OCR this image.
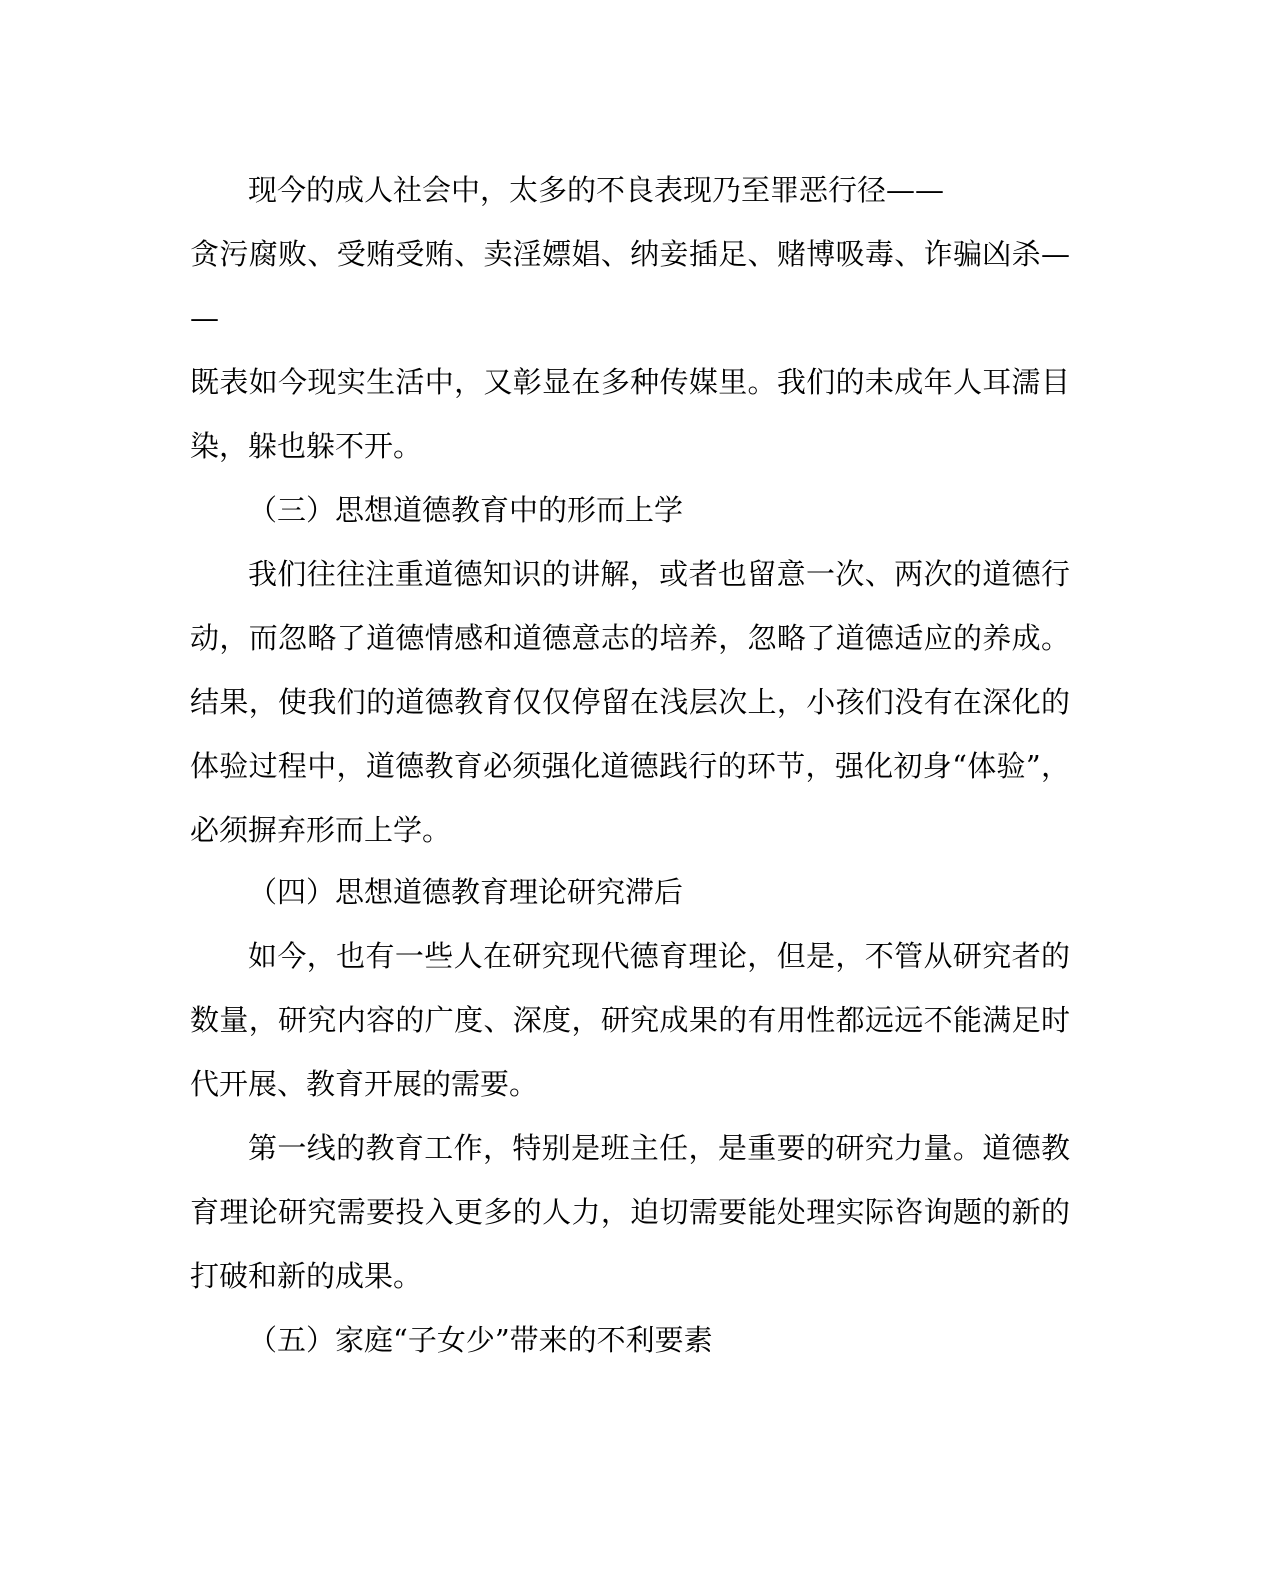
现今的成人社会中，太多的不良表现乃至罪恶行径——
贪污腐败、受贿受贿、卖淫嫖娼、纳妾插足、赌博吸毒、诈骗凶杀—
—
既表如今现实生活中，又彰显在多种传媒里。我们的未成年人耳濡目
染，躲也躲不开。
（三）思想道德教育中的形而上学
我们往往注重道德知识的讲解，或者也留意一次、两次的道德行
动，而忽略了道德情感和道德意志的培养，忽略了道德适应的养成。
结果，使我们的道德教育仅仅停留在浅层次上，小孩们没有在深化的
体验过程中，道德教育必须强化道德践行的环节，强化初身“体验”，
必须摒弃形而上学。
（四）思想道德教育理论研究滞后
如今，也有一些人在研究现代德育理论，但是，不管从研究者的
数量，研究内容的广度、深度，研究成果的有用性都远远不能满足时
代开展、教育开展的需要。
第一线的教育工作，特别是班主任，是重要的研究力量。道德教
育理论研究需要投入更多的人力，迫切需要能处理实际咨询题的新的
打破和新的成果。
（五）家庭“子女少”带来的不利要素
